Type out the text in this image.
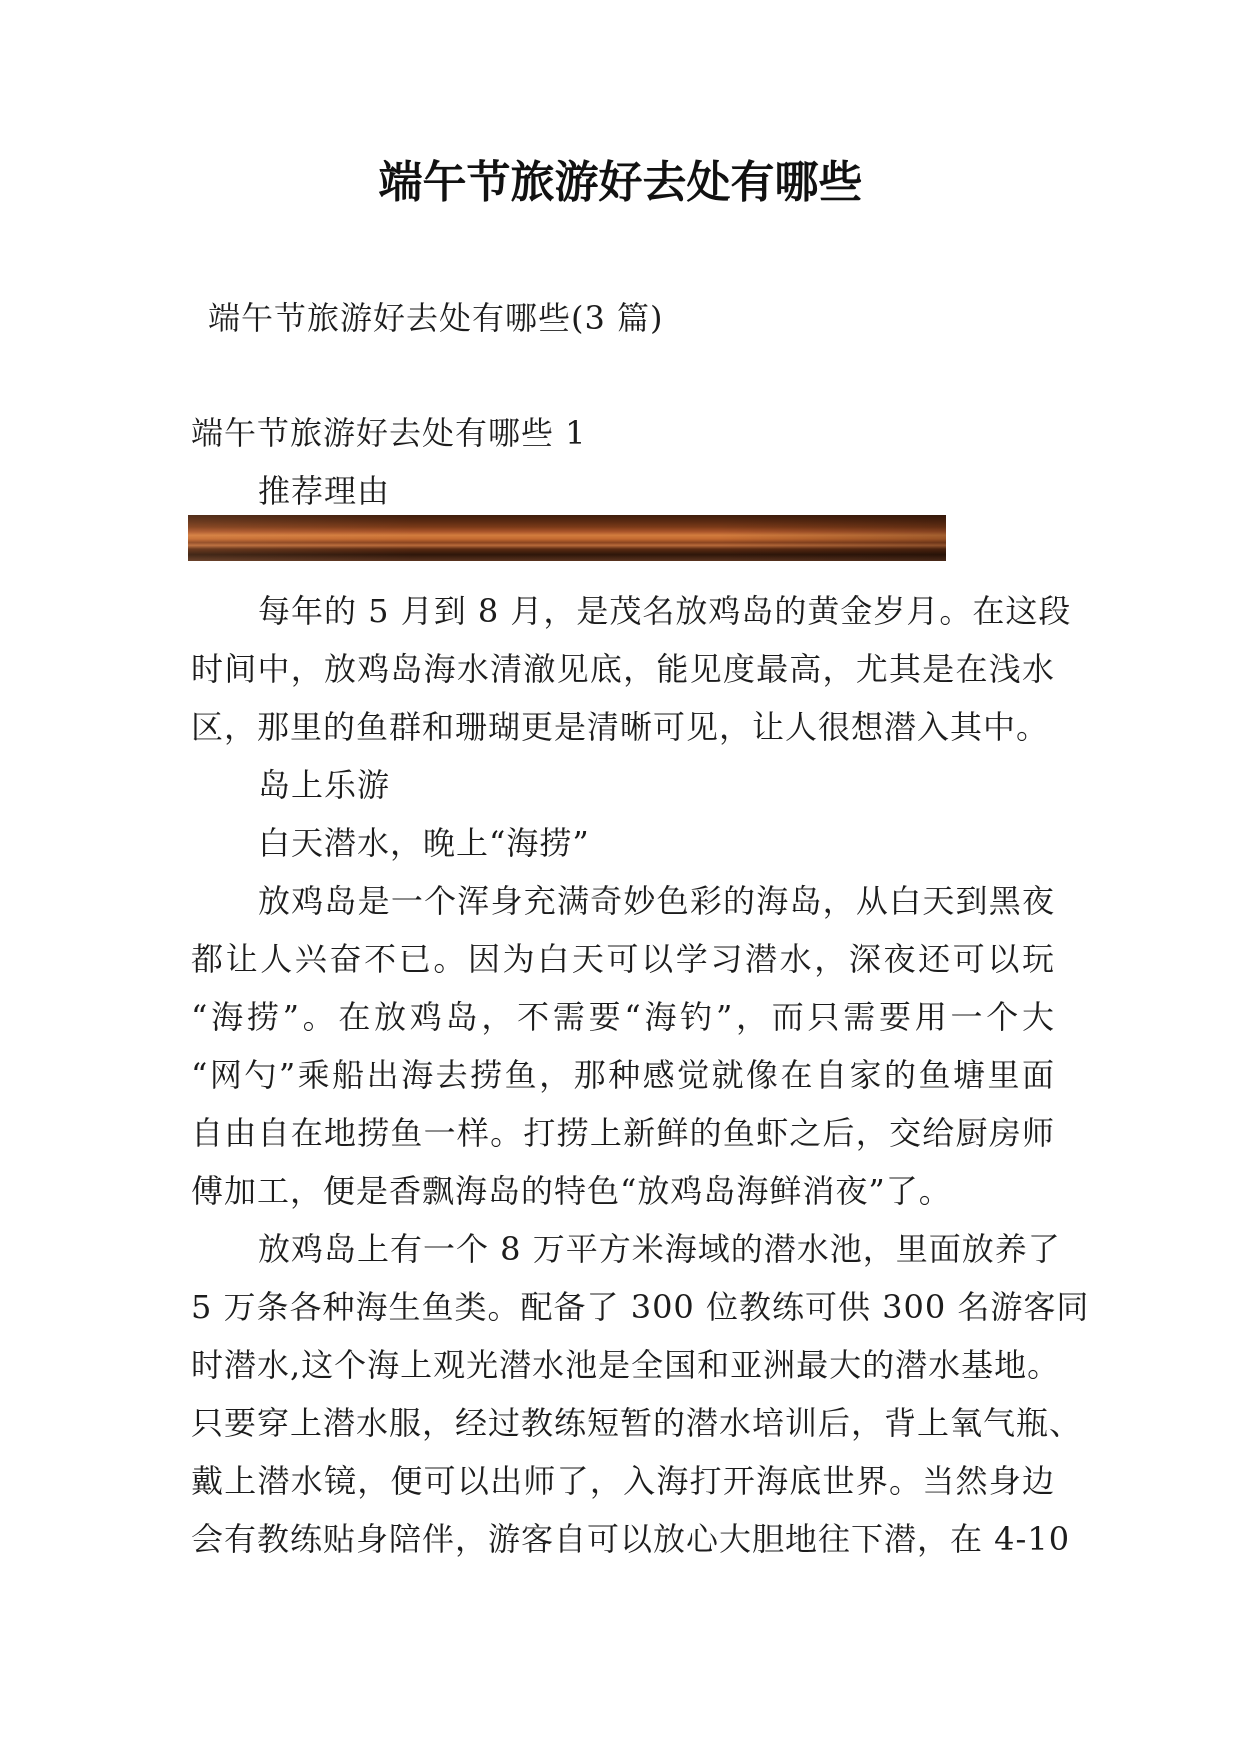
端午节旅游好去处有哪些
端午节旅游好去处有哪些(3 篇)
端午节旅游好去处有哪些 1
推荐理由
每年的 5 月到 8 月，是茂名放鸡岛的黄金岁月。在这段
时间中，放鸡岛海水清澈见底，能见度最高，尤其是在浅水
区，那里的鱼群和珊瑚更是清晰可见，让人很想潜入其中。
岛上乐游
白天潜水，晚上“海捞”
放鸡岛是一个浑身充满奇妙色彩的海岛，从白天到黑夜
都让人兴奋不已。因为白天可以学习潜水，深夜还可以玩
“海捞”。在放鸡岛，不需要“海钓”，而只需要用一个大
“网勺”乘船出海去捞鱼，那种感觉就像在自家的鱼塘里面
自由自在地捞鱼一样。打捞上新鲜的鱼虾之后，交给厨房师
傅加工，便是香飘海岛的特色“放鸡岛海鲜消夜”了。
放鸡岛上有一个 8 万平方米海域的潜水池，里面放养了
5 万条各种海生鱼类。配备了 300 位教练可供 300 名游客同
时潜水,这个海上观光潜水池是全国和亚洲最大的潜水基地。
只要穿上潜水服，经过教练短暂的潜水培训后，背上氧气瓶、
戴上潜水镜，便可以出师了，入海打开海底世界。当然身边
会有教练贴身陪伴，游客自可以放心大胆地往下潜，在 4-10
